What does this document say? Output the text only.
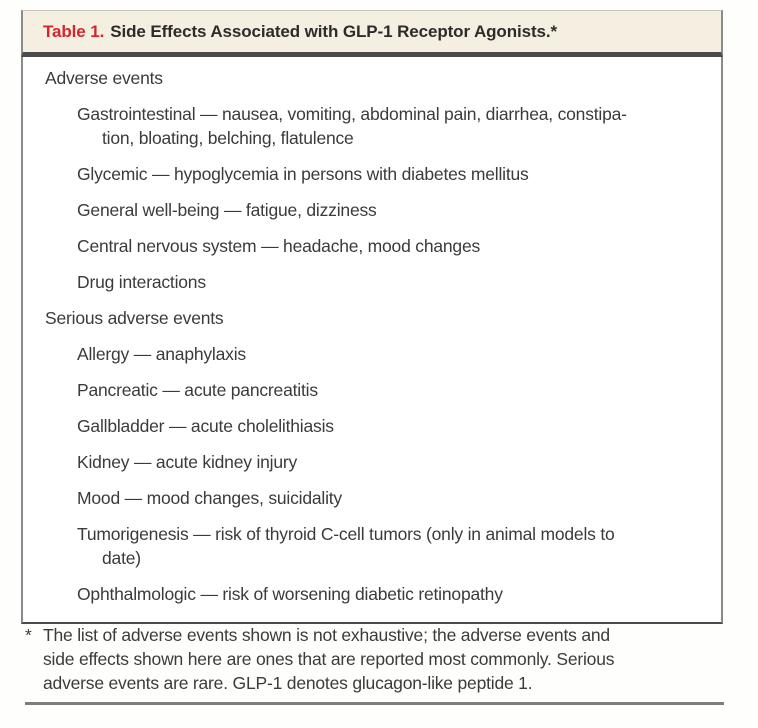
Table 1. Side Effects Associated with GLP-1 Receptor Agonists.*
Adverse events
Gastrointestinal — nausea, vomiting, abdominal pain, diarrhea, constipa-
tion, bloating, belching, flatulence
Glycemic — hypoglycemia in persons with diabetes mellitus
General well-being — fatigue, dizziness
Central nervous system — headache, mood changes
Drug interactions
Serious adverse events
Allergy — anaphylaxis
Pancreatic — acute pancreatitis
Gallbladder — acute cholelithiasis
Kidney — acute kidney injury
Mood — mood changes, suicidality
Tumorigenesis — risk of thyroid C-cell tumors (only in animal models to
date)
Ophthalmologic — risk of worsening diabetic retinopathy
* The list of adverse events shown is not exhaustive; the adverse events and
side effects shown here are ones that are reported most commonly. Serious
adverse events are rare. GLP-1 denotes glucagon-like peptide 1.
